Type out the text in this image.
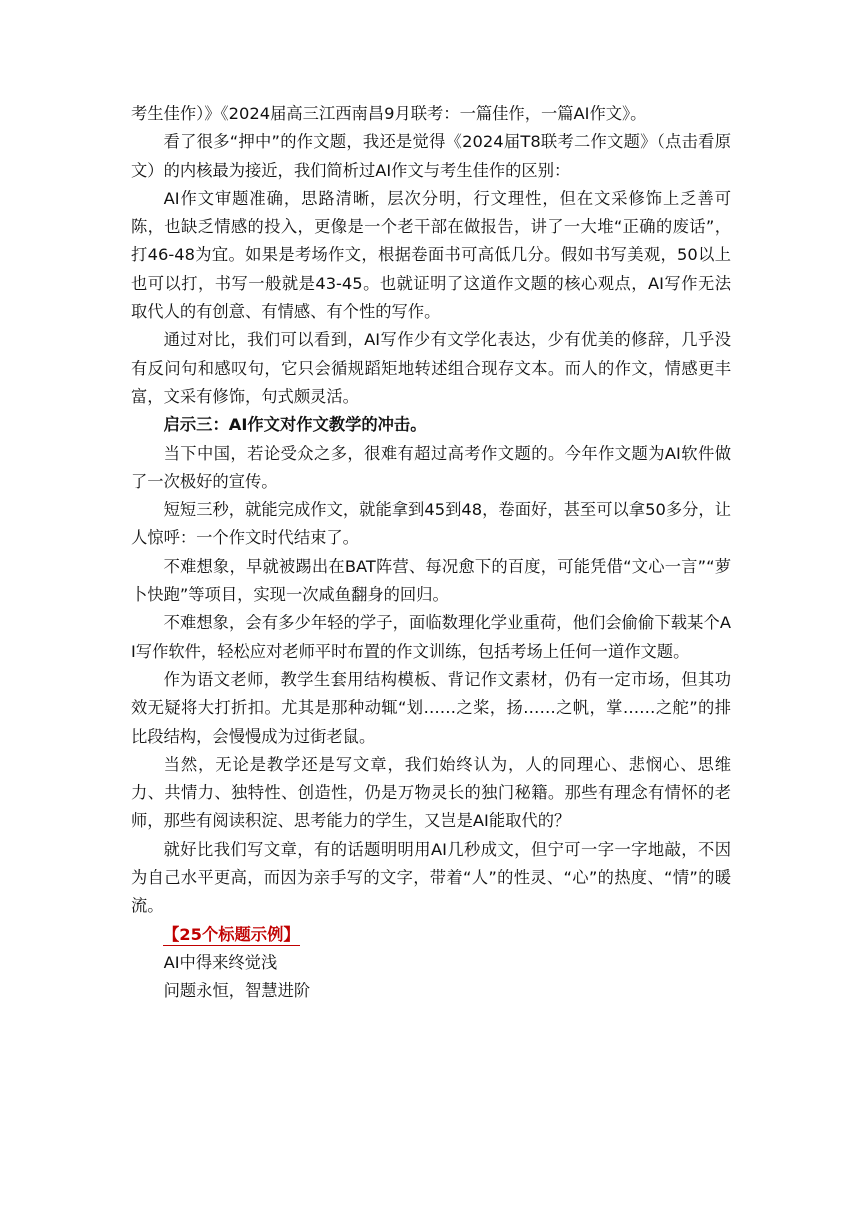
考生佳作）》《2024届高三江西南昌9月联考：一篇佳作，一篇AI作文》。

看了很多“押中”的作文题，我还是觉得《2024届T8联考二作文题》（点击看原文）的内核最为接近，我们简析过AI作文与考生佳作的区别：

AI作文审题准确，思路清晰，层次分明，行文理性，但在文采修饰上乏善可陈，也缺乏情感的投入，更像是一个老干部在做报告，讲了一大堆“正确的废话”，打46-48为宜。如果是考场作文，根据卷面书可高低几分。假如书写美观，50以上也可以打，书写一般就是43-45。也就证明了这道作文题的核心观点，AI写作无法取代人的有创意、有情感、有个性的写作。

通过对比，我们可以看到，AI写作少有文学化表达，少有优美的修辞，几乎没有反问句和感叹句，它只会循规蹈矩地转述组合现存文本。而人的作文，情感更丰富，文采有修饰，句式颇灵活。

启示三：AI作文对作文教学的冲击。

当下中国，若论受众之多，很难有超过高考作文题的。今年作文题为AI软件做了一次极好的宣传。

短短三秒，就能完成作文，就能拿到45到48，卷面好，甚至可以拿50多分，让人惊呼：一个作文时代结束了。

不难想象，早就被踢出在BAT阵营、每况愈下的百度，可能凭借“文心一言”“萝卜快跑”等项目，实现一次咸鱼翻身的回归。

不难想象，会有多少年轻的学子，面临数理化学业重荷，他们会偷偷下载某个AI写作软件，轻松应对老师平时布置的作文训练，包括考场上任何一道作文题。

作为语文老师，教学生套用结构模板、背记作文素材，仍有一定市场，但其功效无疑将大打折扣。尤其是那种动辄“划……之桨，扬……之帆，掌……之舵”的排比段结构，会慢慢成为过街老鼠。

当然，无论是教学还是写文章，我们始终认为，人的同理心、悲悯心、思维力、共情力、独特性、创造性，仍是万物灵长的独门秘籍。那些有理念有情怀的老师，那些有阅读积淀、思考能力的学生，又岂是AI能取代的？

就好比我们写文章，有的话题明明用AI几秒成文，但宁可一字一字地敲，不因为自己水平更高，而因为亲手写的文字，带着“人”的性灵、“心”的热度、“情”的暖流。

【25个标题示例】

AI中得来终觉浅

问题永恒，智慧进阶
